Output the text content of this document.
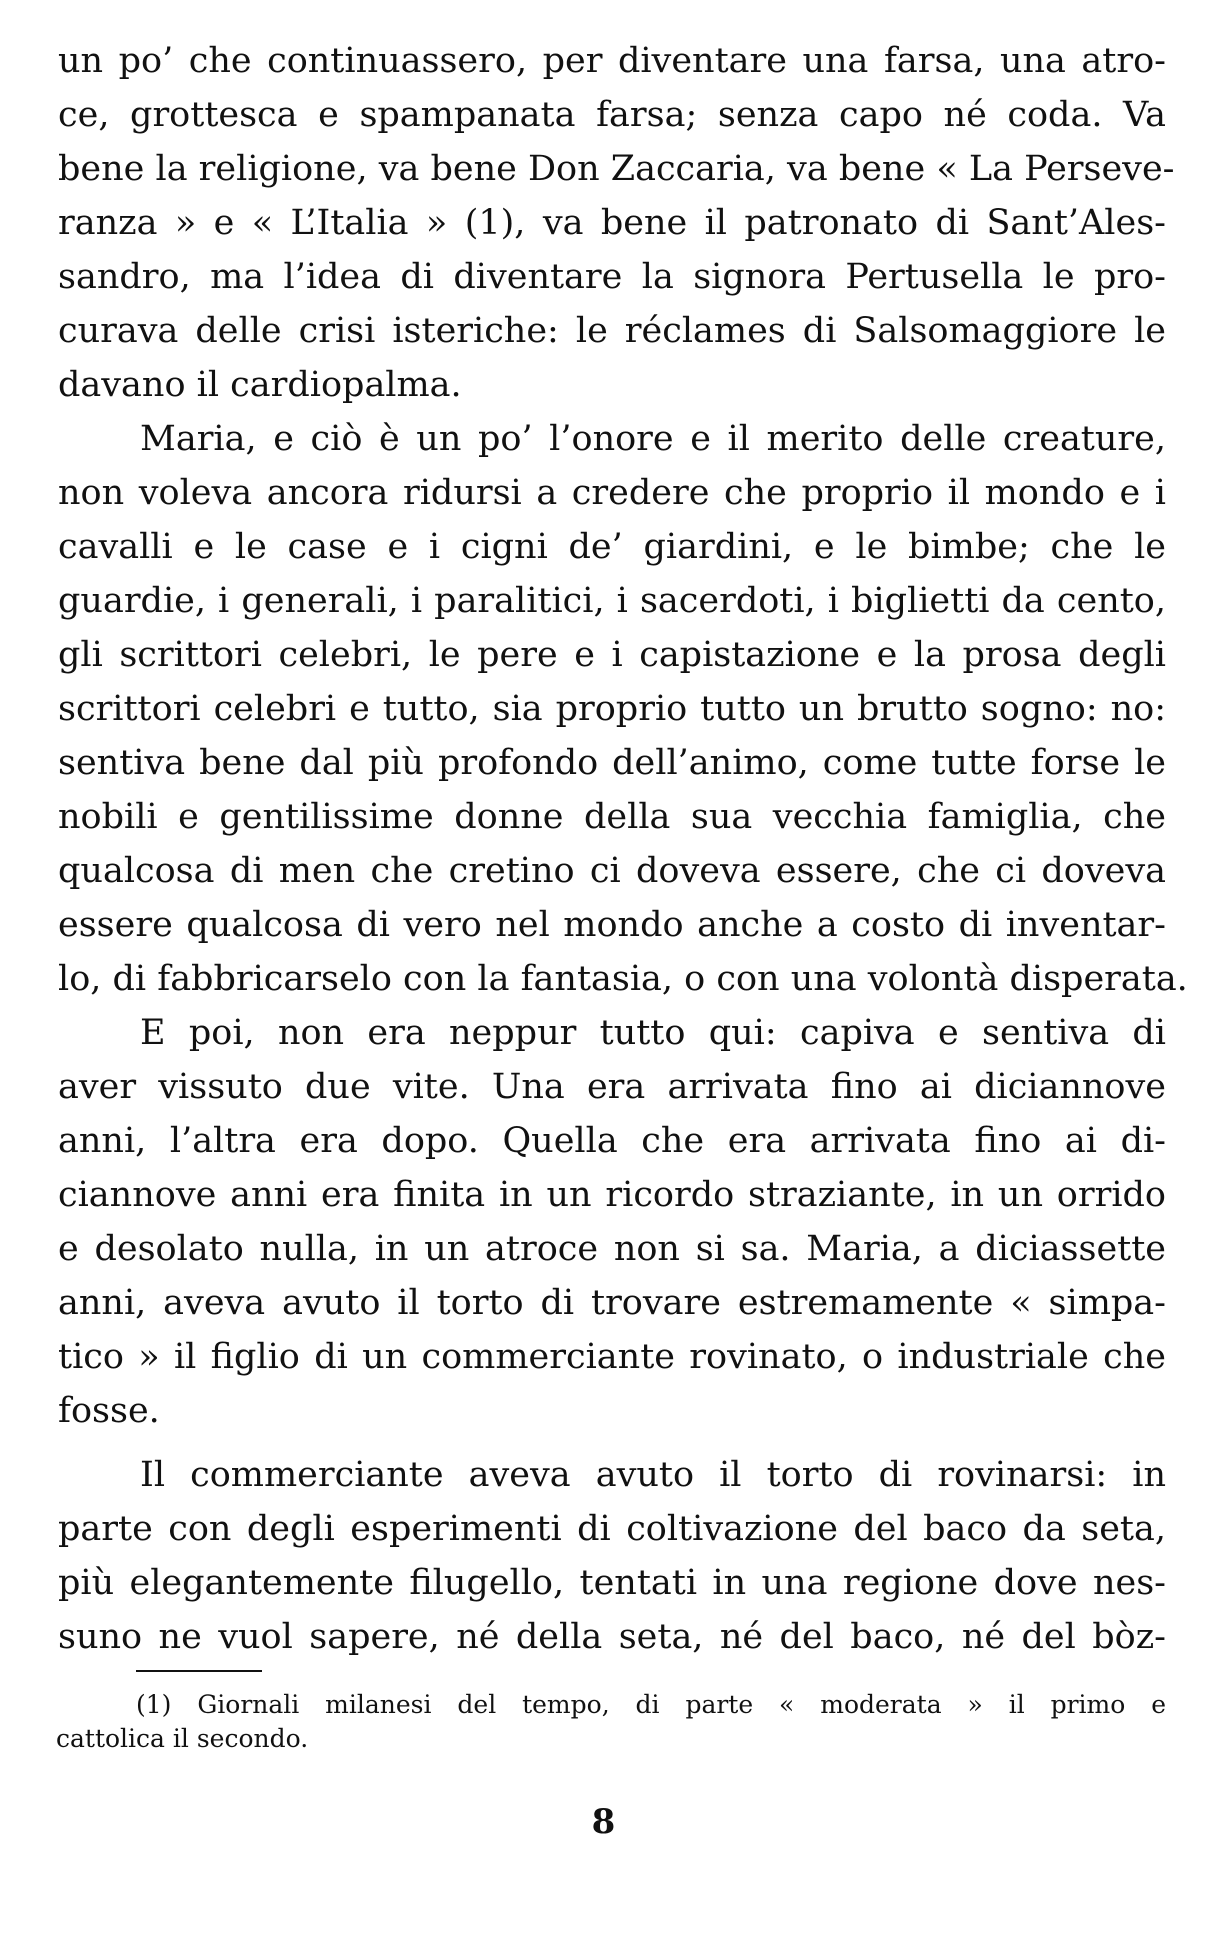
un po’ che continuassero, per diventare una farsa, una atro-
ce, grottesca e spampanata farsa; senza capo né coda. Va
bene la religione, va bene Don Zaccaria, va bene « La Perseve-
ranza » e « L’Italia » (1), va bene il patronato di Sant’Ales-
sandro, ma l’idea di diventare la signora Pertusella le pro-
curava delle crisi isteriche: le réclames di Salsomaggiore le
davano il cardiopalma.
Maria, e ciò è un po’ l’onore e il merito delle creature,
non voleva ancora ridursi a credere che proprio il mondo e i
cavalli e le case e i cigni de’ giardini, e le bimbe; che le
guardie, i generali, i paralitici, i sacerdoti, i biglietti da cento,
gli scrittori celebri, le pere e i capistazione e la prosa degli
scrittori celebri e tutto, sia proprio tutto un brutto sogno: no:
sentiva bene dal più profondo dell’animo, come tutte forse le
nobili e gentilissime donne della sua vecchia famiglia, che
qualcosa di men che cretino ci doveva essere, che ci doveva
essere qualcosa di vero nel mondo anche a costo di inventar-
lo, di fabbricarselo con la fantasia, o con una volontà disperata.
E poi, non era neppur tutto qui: capiva e sentiva di
aver vissuto due vite. Una era arrivata fino ai diciannove
anni, l’altra era dopo. Quella che era arrivata fino ai di-
ciannove anni era finita in un ricordo straziante, in un orrido
e desolato nulla, in un atroce non si sa. Maria, a diciassette
anni, aveva avuto il torto di trovare estremamente « simpa-
tico » il figlio di un commerciante rovinato, o industriale che
fosse.
Il commerciante aveva avuto il torto di rovinarsi: in
parte con degli esperimenti di coltivazione del baco da seta,
più elegantemente filugello, tentati in una regione dove nes-
suno ne vuol sapere, né della seta, né del baco, né del bòz-
(1) Giornali milanesi del tempo, di parte « moderata » il primo e
cattolica il secondo.
8
